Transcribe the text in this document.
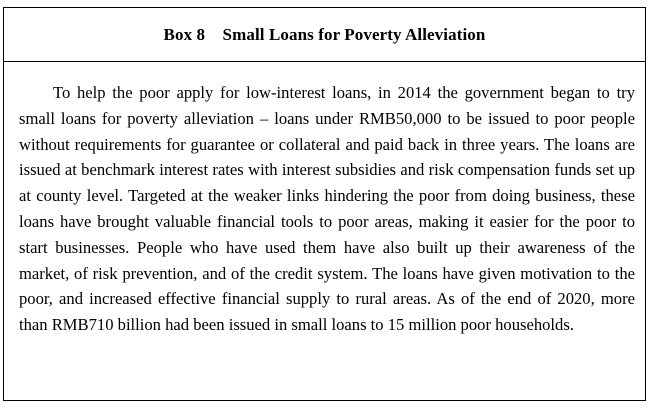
Box 8    Small Loans for Poverty Alleviation

To help the poor apply for low-interest loans, in 2014 the government began to try small loans for poverty alleviation – loans under RMB50,000 to be issued to poor people without requirements for guarantee or collateral and paid back in three years. The loans are issued at benchmark interest rates with interest subsidies and risk compensation funds set up at county level. Targeted at the weaker links hindering the poor from doing business, these loans have brought valuable financial tools to poor areas, making it easier for the poor to start businesses. People who have used them have also built up their awareness of the market, of risk prevention, and of the credit system. The loans have given motivation to the poor, and increased effective financial supply to rural areas. As of the end of 2020, more than RMB710 billion had been issued in small loans to 15 million poor households.
